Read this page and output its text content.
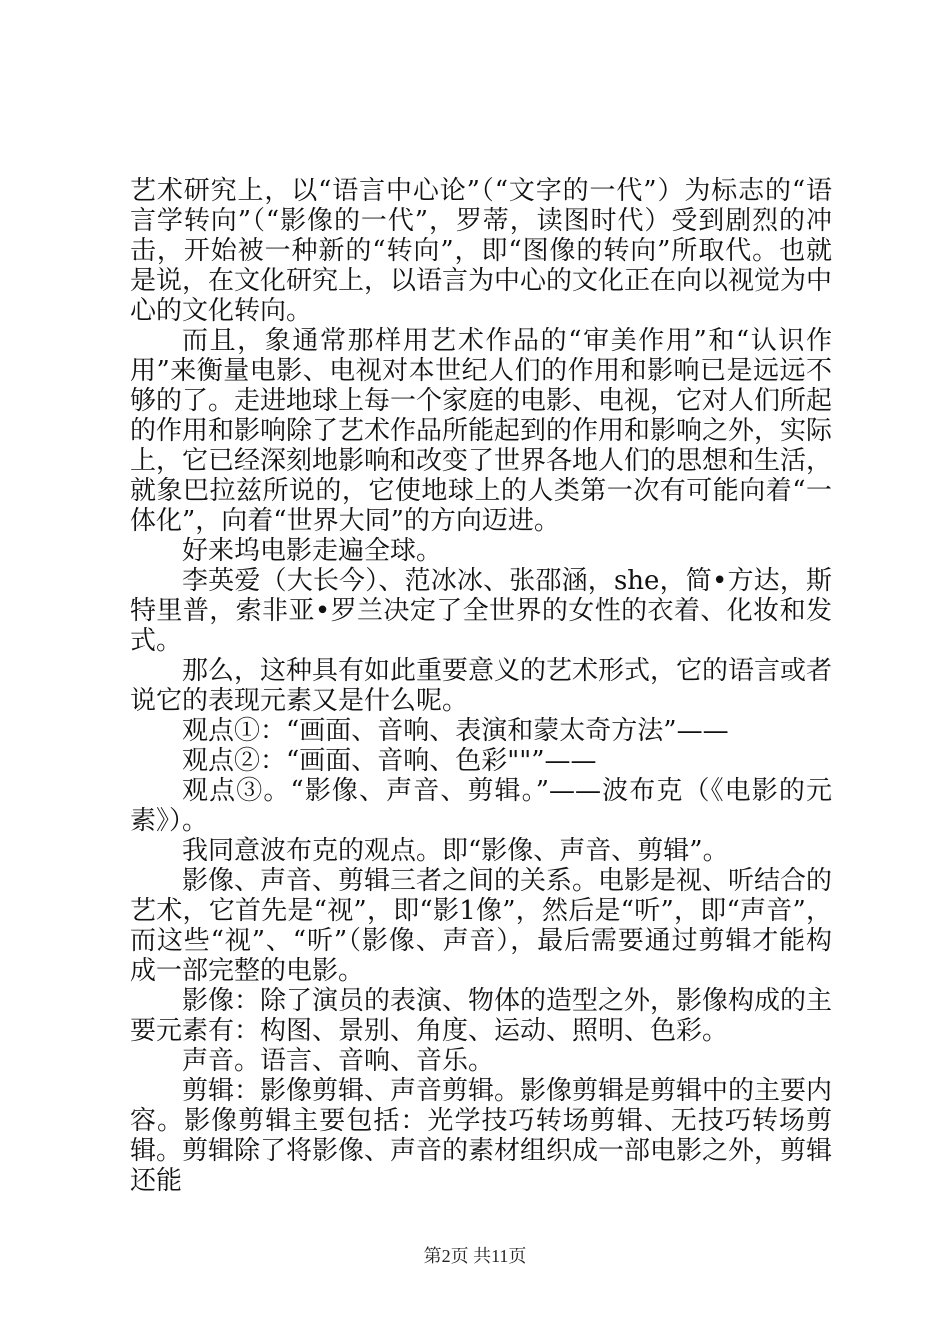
艺术研究上，以“语言中心论”（“文字的一代”）为标志的“语言学转向”（“影像的一代”，罗蒂，读图时代）受到剧烈的冲击，开始被一种新的“转向”，即“图像的转向”所取代。也就是说，在文化研究上，以语言为中心的文化正在向以视觉为中心的文化转向。

而且，象通常那样用艺术作品的“审美作用”和“认识作用”来衡量电影、电视对本世纪人们的作用和影响已是远远不够的了。走进地球上每一个家庭的电影、电视，它对人们所起的作用和影响除了艺术作品所能起到的作用和影响之外，实际上，它已经深刻地影响和改变了世界各地人们的思想和生活，就象巴拉兹所说的，它使地球上的人类第一次有可能向着“一体化”，向着“世界大同”的方向迈进。

好来坞电影走遍全球。

李英爱（大长今）、范冰冰、张邵涵，she，简•方达，斯特里普，索非亚•罗兰决定了全世界的女性的衣着、化妆和发式。

那么，这种具有如此重要意义的艺术形式，它的语言或者说它的表现元素又是什么呢。

观点①：“画面、音响、表演和蒙太奇方法”——

观点②：“画面、音响、色彩""”——

观点③。“影像、声音、剪辑。”——波布克（《电影的元素》）。

我同意波布克的观点。即“影像、声音、剪辑”。

影像、声音、剪辑三者之间的关系。电影是视、听结合的艺术，它首先是“视”，即“影1像”，然后是“听”，即“声音”，而这些“视”、“听”（影像、声音），最后需要通过剪辑才能构成一部完整的电影。

影像：除了演员的表演、物体的造型之外，影像构成的主要元素有：构图、景别、角度、运动、照明、色彩。

声音。语言、音响、音乐。

剪辑：影像剪辑、声音剪辑。影像剪辑是剪辑中的主要内容。影像剪辑主要包括：光学技巧转场剪辑、无技巧转场剪辑。剪辑除了将影像、声音的素材组织成一部电影之外，剪辑还能

第2页 共11页
